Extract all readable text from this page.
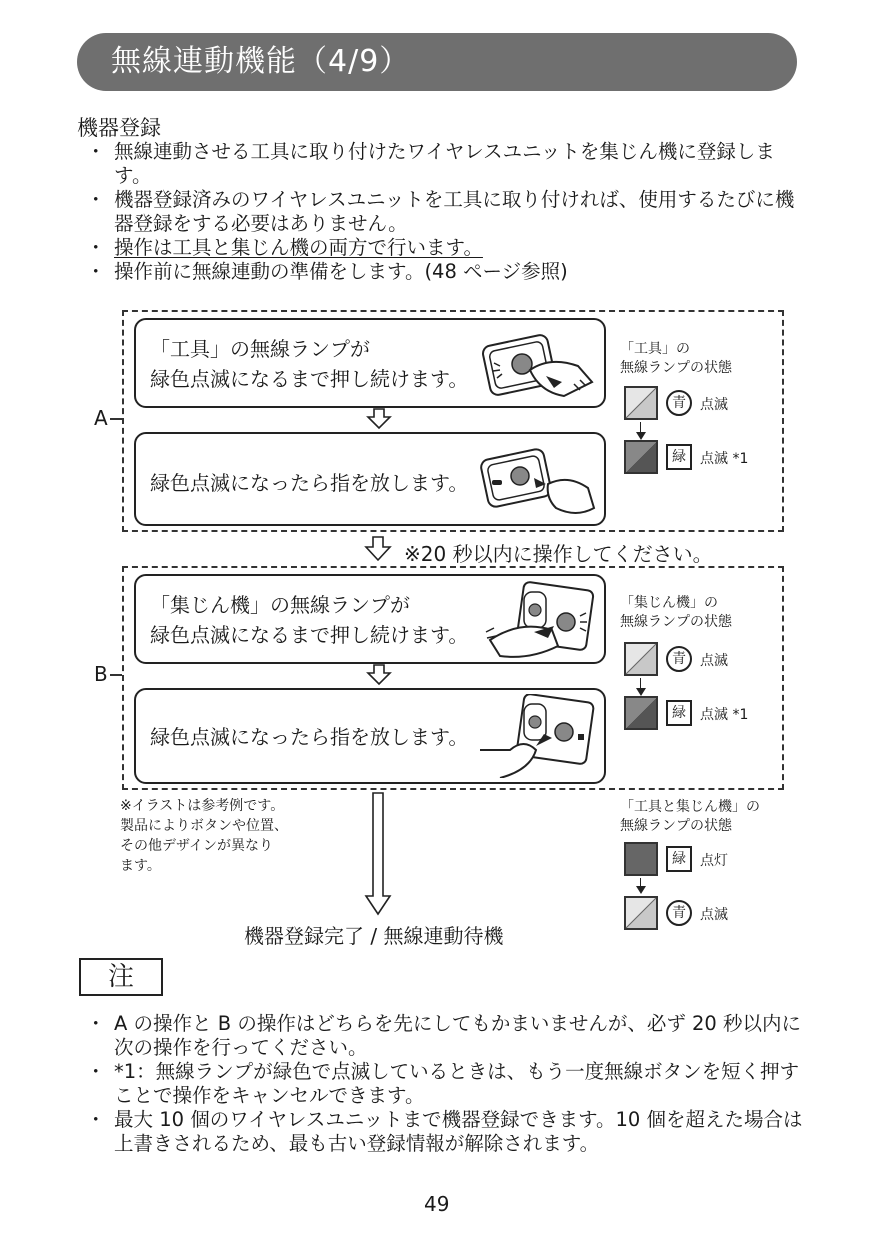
無線連動機能（4/9）
機器登録
・ 無線連動させる工具に取り付けたワイヤレスユニットを集じん機に登録します。
・ 機器登録済みのワイヤレスユニットを工具に取り付ければ、使用するたびに機器登録をする必要はありません。
・ 操作は工具と集じん機の両方で行います。
・ 操作前に無線連動の準備をします。(48 ページ参照)
A
「工具」の無線ランプが
緑色点滅になるまで押し続けます。
緑色点滅になったら指を放します。
「工具」の
無線ランプの状態
青	点滅
緑	点滅 *1
※20 秒以内に操作してください。
B
「集じん機」の無線ランプが
緑色点滅になるまで押し続けます。
緑色点滅になったら指を放します。
「集じん機」の
無線ランプの状態
青	点滅
緑	点滅 *1
※イラストは参考例です。
製品によりボタンや位置、
その他デザインが異なり
ます。
機器登録完了 / 無線連動待機
「工具と集じん機」の
無線ランプの状態
緑	点灯
青	点滅
注
・ A の操作と B の操作はどちらを先にしてもかまいませんが、必ず 20 秒以内に次の操作を行ってください。
・ *1：無線ランプが緑色で点滅しているときは、もう一度無線ボタンを短く押すことで操作をキャンセルできます。
・ 最大 10 個のワイヤレスユニットまで機器登録できます。10 個を超えた場合は上書きされるため、最も古い登録情報が解除されます。
49
